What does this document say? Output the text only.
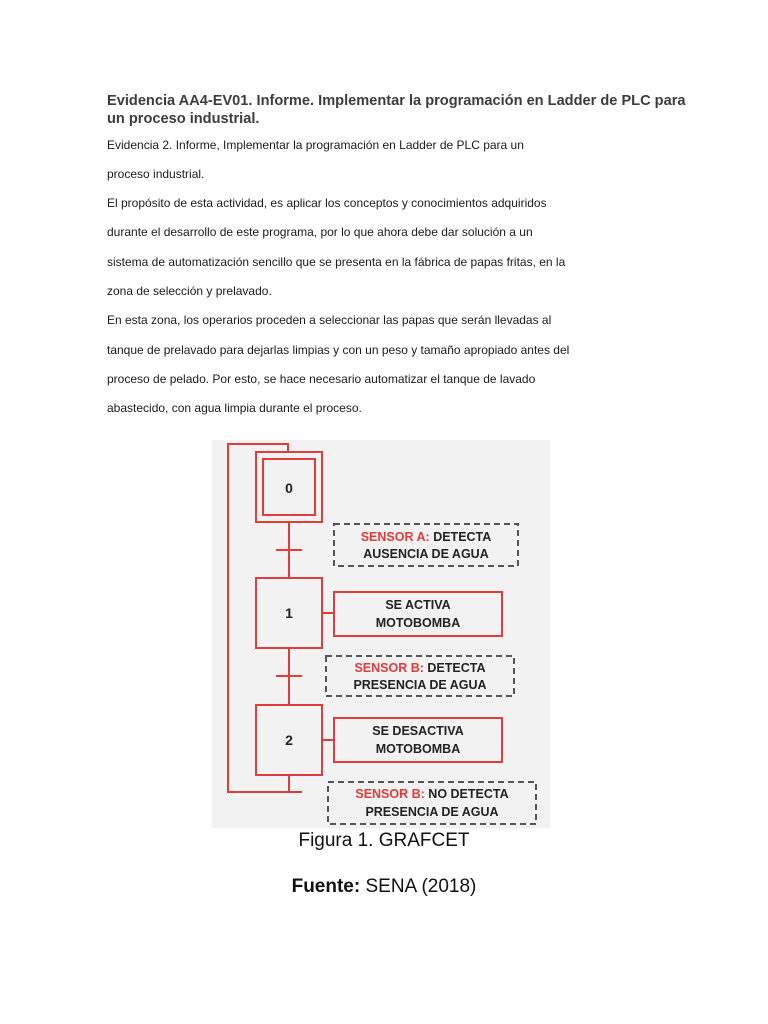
Evidencia AA4-EV01. Informe. Implementar la programación en Ladder de PLC para un proceso industrial.
Evidencia 2. Informe, Implementar la programación en Ladder de PLC para un
proceso industrial.
El propósito de esta actividad, es aplicar los conceptos y conocimientos adquiridos
durante el desarrollo de este programa, por lo que ahora debe dar solución a un
sistema de automatización sencillo que se presenta en la fábrica de papas fritas, en la
zona de selección y prelavado.
En esta zona, los operarios proceden a seleccionar las papas que serán llevadas al
tanque de prelavado para dejarlas limpias y con un peso y tamaño apropiado antes del
proceso de pelado. Por esto, se hace necesario automatizar el tanque de lavado
abastecido, con agua limpia durante el proceso.
0
SENSOR A: DETECTA
AUSENCIA DE AGUA
1	SE ACTIVA
MOTOBOMBA
SENSOR B: DETECTA
PRESENCIA DE AGUA
2
SE DESACTIVA
MOTOBOMBA
SENSOR B: NO DETECTA
PRESENCIA DE AGUA
Figura 1. GRAFCET
Fuente: SENA (2018)
